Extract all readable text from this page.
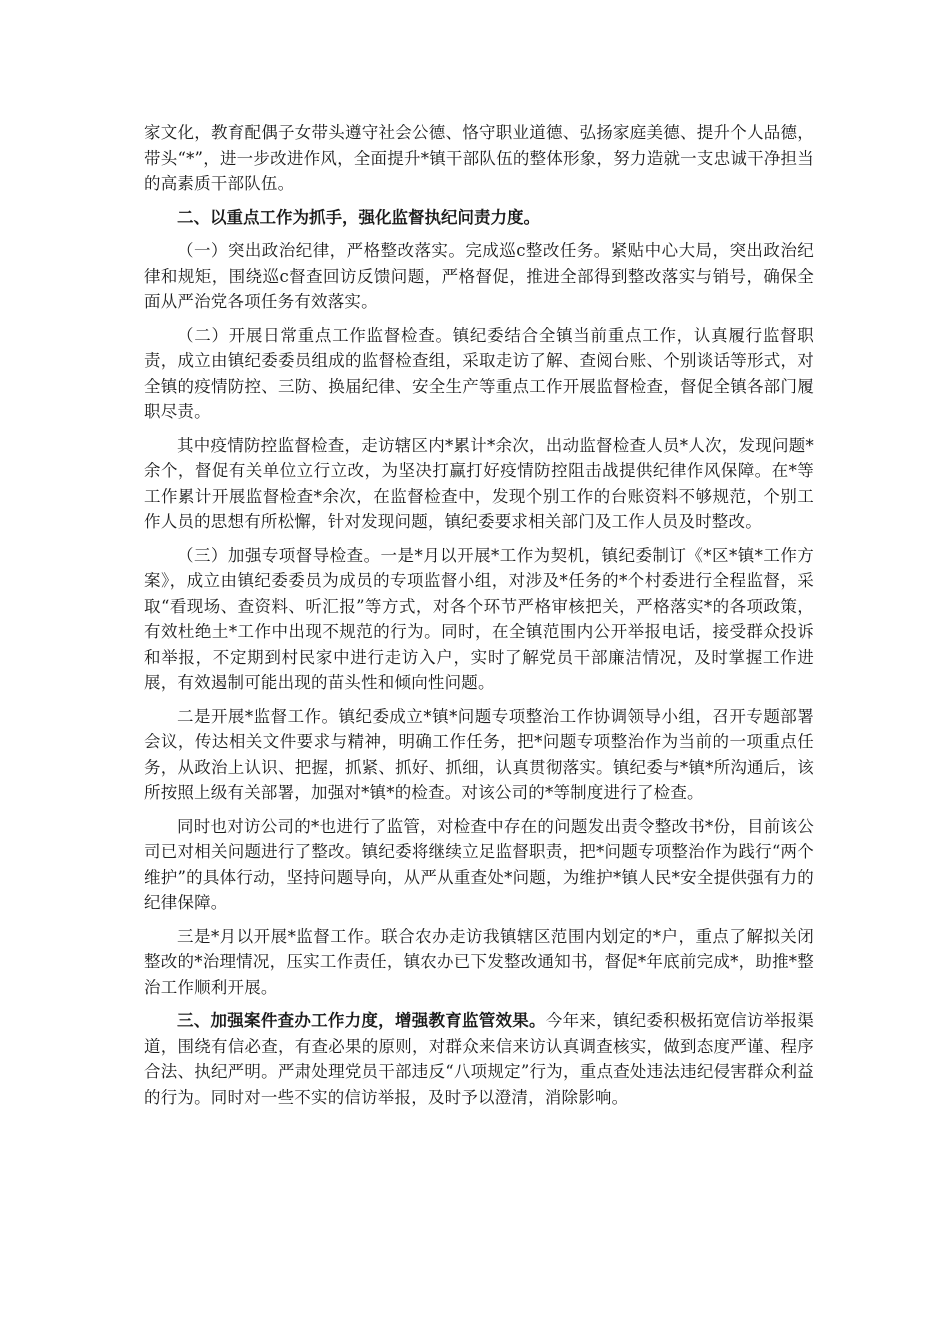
家文化，教育配偶子女带头遵守社会公德、恪守职业道德、弘扬家庭美德、提升个人品德，带头“*”，进一步改进作风，全面提升*镇干部队伍的整体形象，努力造就一支忠诚干净担当的高素质干部队伍。

二、以重点工作为抓手，强化监督执纪问责力度。

（一）突出政治纪律，严格整改落实。完成巡c整改任务。紧贴中心大局，突出政治纪律和规矩，围绕巡c督查回访反馈问题，严格督促，推进全部得到整改落实与销号，确保全面从严治党各项任务有效落实。

（二）开展日常重点工作监督检查。镇纪委结合全镇当前重点工作，认真履行监督职责，成立由镇纪委委员组成的监督检查组，采取走访了解、查阅台账、个别谈话等形式，对全镇的疫情防控、三防、换届纪律、安全生产等重点工作开展监督检查，督促全镇各部门履职尽责。

其中疫情防控监督检查，走访辖区内*累计*余次，出动监督检查人员*人次，发现问题*余个，督促有关单位立行立改，为坚决打赢打好疫情防控阻击战提供纪律作风保障。在*等工作累计开展监督检查*余次，在监督检查中，发现个别工作的台账资料不够规范，个别工作人员的思想有所松懈，针对发现问题，镇纪委要求相关部门及工作人员及时整改。

（三）加强专项督导检查。一是*月以开展*工作为契机，镇纪委制订《*区*镇*工作方案》，成立由镇纪委委员为成员的专项监督小组，对涉及*任务的*个村委进行全程监督，采取“看现场、查资料、听汇报”等方式，对各个环节严格审核把关，严格落实*的各项政策，有效杜绝土*工作中出现不规范的行为。同时，在全镇范围内公开举报电话，接受群众投诉和举报，不定期到村民家中进行走访入户，实时了解党员干部廉洁情况，及时掌握工作进展，有效遏制可能出现的苗头性和倾向性问题。

二是开展*监督工作。镇纪委成立*镇*问题专项整治工作协调领导小组，召开专题部署会议，传达相关文件要求与精神，明确工作任务，把*问题专项整治作为当前的一项重点任务，从政治上认识、把握，抓紧、抓好、抓细，认真贯彻落实。镇纪委与*镇*所沟通后，该所按照上级有关部署，加强对*镇*的检查。对该公司的*等制度进行了检查。

同时也对访公司的*也进行了监管，对检查中存在的问题发出责令整改书*份，目前该公司已对相关问题进行了整改。镇纪委将继续立足监督职责，把*问题专项整治作为践行“两个维护”的具体行动，坚持问题导向，从严从重查处*问题，为维护*镇人民*安全提供强有力的纪律保障。

三是*月以开展*监督工作。联合农办走访我镇辖区范围内划定的*户，重点了解拟关闭整改的*治理情况，压实工作责任，镇农办已下发整改通知书，督促*年底前完成*，助推*整治工作顺利开展。

三、加强案件查办工作力度，增强教育监管效果。今年来，镇纪委积极拓宽信访举报渠道，围绕有信必查，有查必果的原则，对群众来信来访认真调查核实，做到态度严谨、程序合法、执纪严明。严肃处理党员干部违反“八项规定”行为，重点查处违法违纪侵害群众利益的行为。同时对一些不实的信访举报，及时予以澄清，消除影响。
